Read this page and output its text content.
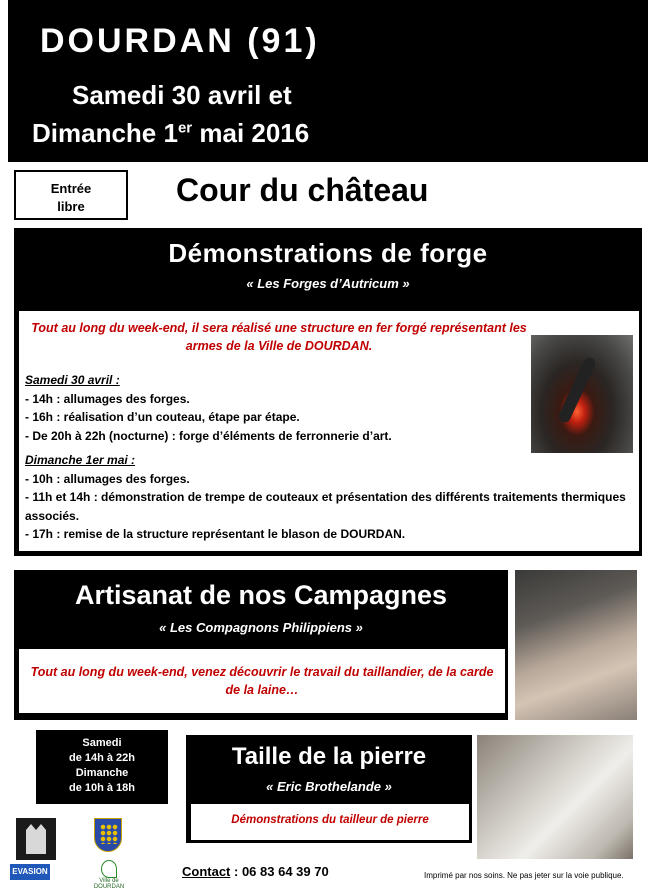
DOURDAN (91)
Samedi 30 avril et
Dimanche 1er mai 2016
Entrée
libre	Cour du château
Démonstrations de forge
« Les Forges d’Autricum »
Tout au long du week-end, il sera réalisé une structure en fer forgé représentant les armes de la Ville de DOURDAN.
Samedi 30 avril :
- 14h : allumages des forges.
- 16h : réalisation d’un couteau, étape par étape.
- De 20h à 22h (nocturne) : forge d’éléments de ferronnerie d’art.
Dimanche 1er mai :
- 10h : allumages des forges.
- 11h et 14h : démonstration de trempe de couteaux et présentation des différents traitements thermiques associés.
- 17h : remise de la structure représentant le blason de DOURDAN.
Artisanat de nos Campagnes
« Les Compagnons Philippiens »
Tout au long du week-end, venez découvrir le travail du taillandier, de la carde de la laine…
Samedi
de 14h à 22h
Dimanche
de 10h à 18h
Taille de la pierre
« Eric Brothelande »
Démonstrations du tailleur de pierre
EVASION
Ville de
DOURDAN
Contact : 06 83 64 39 70	Imprimé par nos soins. Ne pas jeter sur la voie publique.
